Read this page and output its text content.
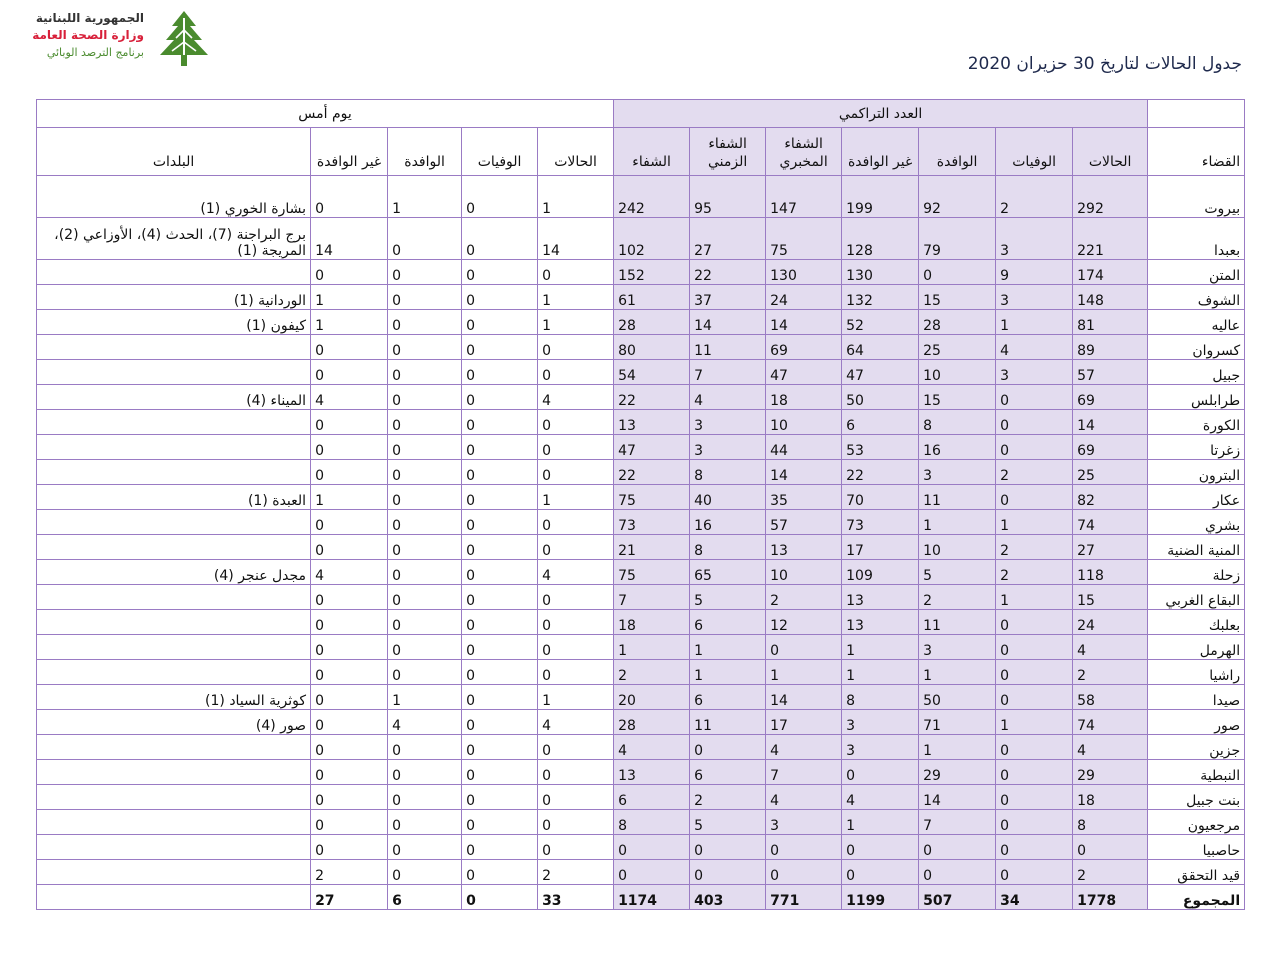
الجمهورية اللبنانية
وزارة الصحة العامة
برنامج الترصد الوبائي
جدول الحالات لتاريخ 30 حزيران 2020
	العدد التراكمي							يوم أمس				
القضاء	الحالات	الوفيات	الوافدة	غير الوافدة	الشفاء المخبري	الشفاء الزمني	الشفاء	الحالات	الوفيات	الوافدة	غير الوافدة	البلدات
بيروت	292	2	92	199	147	95	242	1	0	1	0	بشارة الخوري (1)
بعبدا	221	3	79	128	75	27	102	14	0	0	14	برج البراجنة (7)، الحدث (4)، الأوزاعي (2)، المريجة (1)
المتن	174	9	0	130	130	22	152	0	0	0	0	
الشوف	148	3	15	132	24	37	61	1	0	0	1	الوردانية (1)
عاليه	81	1	28	52	14	14	28	1	0	0	1	كيفون (1)
كسروان	89	4	25	64	69	11	80	0	0	0	0	
جبيل	57	3	10	47	47	7	54	0	0	0	0	
طرابلس	69	0	15	50	18	4	22	4	0	0	4	الميناء (4)
الكورة	14	0	8	6	10	3	13	0	0	0	0	
زغرتا	69	0	16	53	44	3	47	0	0	0	0	
البترون	25	2	3	22	14	8	22	0	0	0	0	
عكار	82	0	11	70	35	40	75	1	0	0	1	العبدة (1)
بشري	74	1	1	73	57	16	73	0	0	0	0	
المنية الضنية	27	2	10	17	13	8	21	0	0	0	0	
زحلة	118	2	5	109	10	65	75	4	0	0	4	مجدل عنجر (4)
البقاع الغربي	15	1	2	13	2	5	7	0	0	0	0	
بعلبك	24	0	11	13	12	6	18	0	0	0	0	
الهرمل	4	0	3	1	0	1	1	0	0	0	0	
راشيا	2	0	1	1	1	1	2	0	0	0	0	
صيدا	58	0	50	8	14	6	20	1	0	1	0	كوثرية السياد (1)
صور	74	1	71	3	17	11	28	4	0	4	0	صور (4)
جزين	4	0	1	3	4	0	4	0	0	0	0	
النبطية	29	0	29	0	7	6	13	0	0	0	0	
بنت جبيل	18	0	14	4	4	2	6	0	0	0	0	
مرجعيون	8	0	7	1	3	5	8	0	0	0	0	
حاصبيا	0	0	0	0	0	0	0	0	0	0	0	
قيد التحقق	2	0	0	0	0	0	0	2	0	0	2	
المجموع	1778	34	507	1199	771	403	1174	33	0	6	27	
